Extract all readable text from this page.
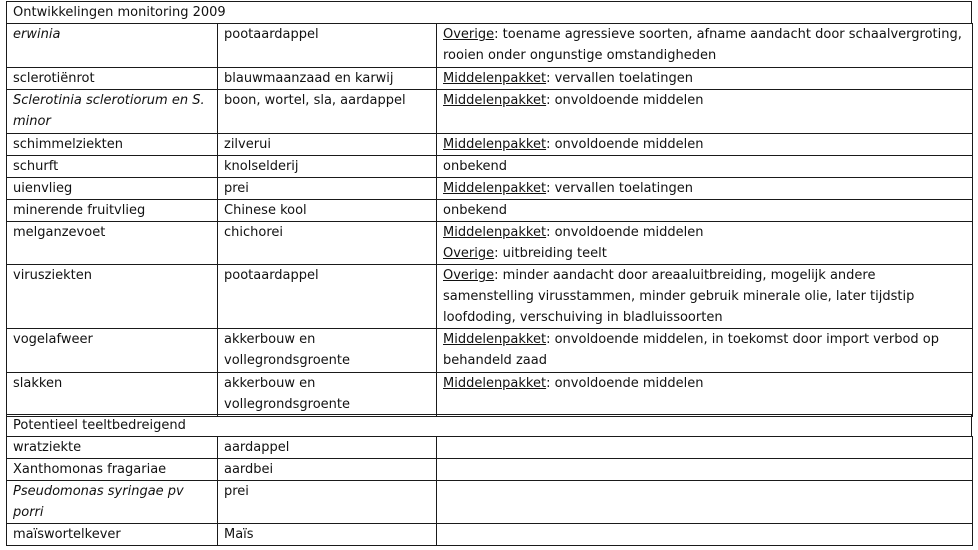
Ontwikkelingen monitoring 2009
erwinia	pootaardappel	Overige: toename agressieve soorten, afname aandacht door schaalvergroting, rooien onder ongunstige omstandigheden
sclerotiënrot	blauwmaanzaad en karwij	Middelenpakket: vervallen toelatingen
Sclerotinia sclerotiorum en S. minor	boon, wortel, sla, aardappel	Middelenpakket: onvoldoende middelen
schimmelziekten	zilverui	Middelenpakket: onvoldoende middelen
schurft	knolselderij	onbekend
uienvlieg	prei	Middelenpakket: vervallen toelatingen
minerende fruitvlieg	Chinese kool	onbekend
melganzevoet	chichorei	Middelenpakket: onvoldoende middelen
Overige: uitbreiding teelt

virusziekten	pootaardappel	Overige: minder aandacht door areaaluitbreiding, mogelijk andere samenstelling virusstammen, minder gebruik minerale olie, later tijdstip loofdoding, verschuiving in bladluissoorten
vogelafweer	akkerbouw en vollegrondsgroente	Middelenpakket: onvoldoende middelen, in toekomst door import verbod op behandeld zaad
slakken	akkerbouw en vollegrondsgroente	Middelenpakket: onvoldoende middelen
Potentieel teeltbedreigend
wratziekte	aardappel	
Xanthomonas fragariae	aardbei	
Pseudomonas syringae pv porri	prei	
maïswortelkever	Maïs	
